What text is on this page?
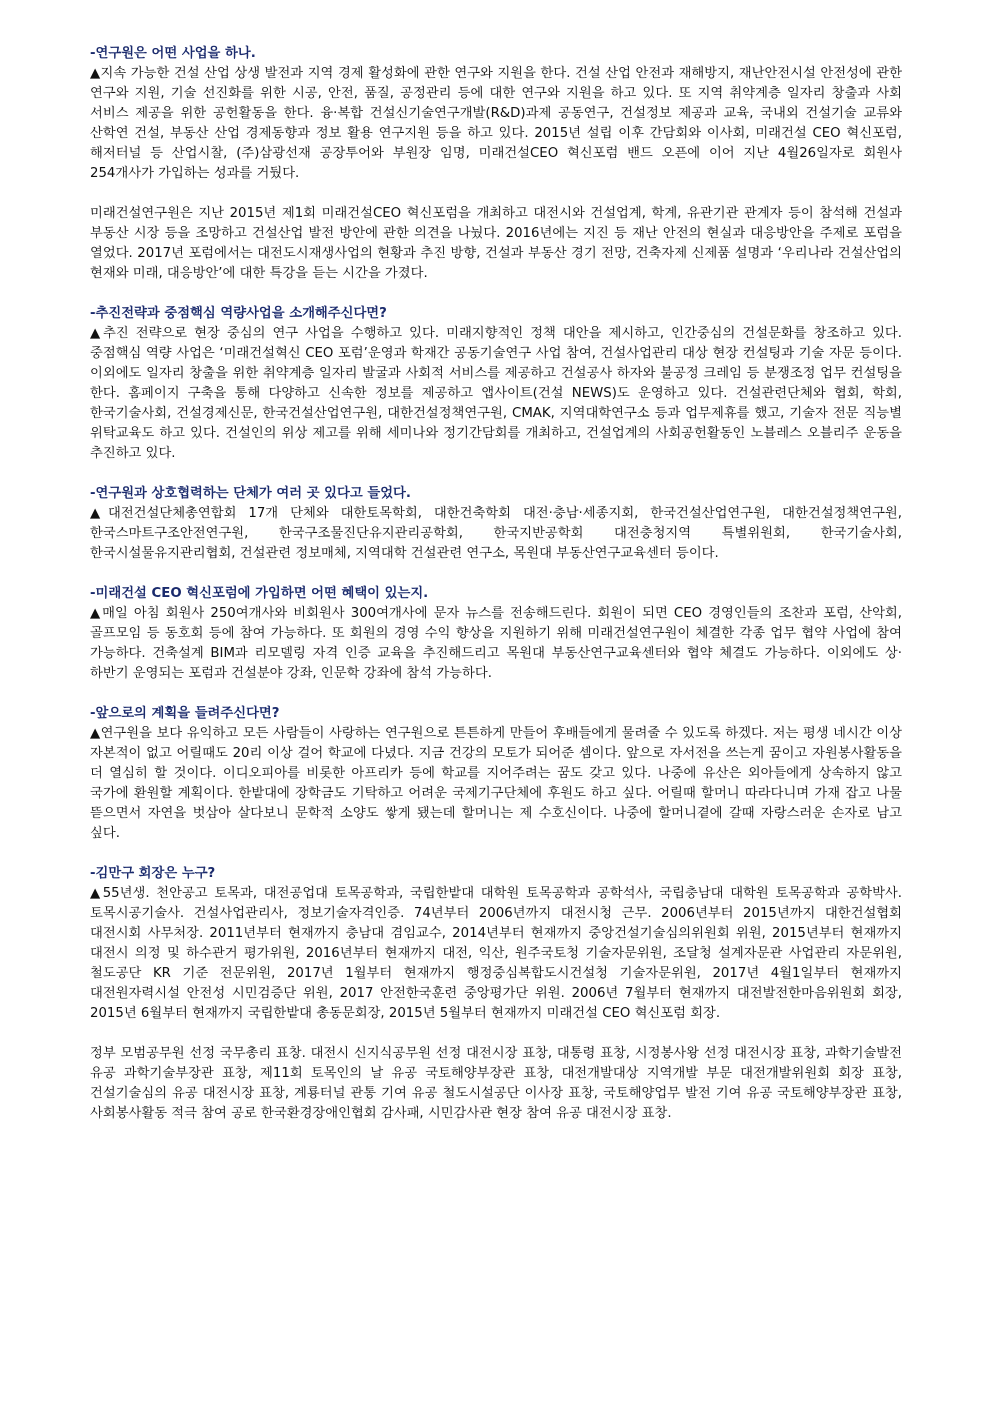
-연구원은 어떤 사업을 하나.

▲지속 가능한 건설 산업 상생 발전과 지역 경제 활성화에 관한 연구와 지원을 한다. 건설 산업 안전과 재해방지, 재난안전시설 안전성에 관한 연구와 지원, 기술 선진화를 위한 시공, 안전, 품질, 공정관리 등에 대한 연구와 지원을 하고 있다. 또 지역 취약계층 일자리 창출과 사회 서비스 제공을 위한 공헌활동을 한다. 융·복합 건설신기술연구개발(R&D)과제 공동연구, 건설정보 제공과 교육, 국내외 건설기술 교류와 산학연 건설, 부동산 산업 경제동향과 정보 활용 연구지원 등을 하고 있다. 2015년 설립 이후 간담회와 이사회, 미래건설 CEO 혁신포럼, 해저터널 등 산업시찰, (주)삼광선재 공장투어와 부원장 임명, 미래건설CEO 혁신포럼 밴드 오픈에 이어 지난 4월26일자로 회원사 254개사가 가입하는 성과를 거뒀다.

미래건설연구원은 지난 2015년 제1회 미래건설CEO 혁신포럼을 개최하고 대전시와 건설업계, 학계, 유관기관 관계자 등이 참석해 건설과 부동산 시장 등을 조망하고 건설산업 발전 방안에 관한 의견을 나눴다. 2016년에는 지진 등 재난 안전의 현실과 대응방안을 주제로 포럼을 열었다. 2017년 포럼에서는 대전도시재생사업의 현황과 추진 방향, 건설과 부동산 경기 전망, 건축자제 신제품 설명과 ‘우리나라 건설산업의 현재와 미래, 대응방안’에 대한 특강을 듣는 시간을 가졌다.

-추진전략과 중점핵심 역량사업을 소개해주신다면?

▲추진 전략으로 현장 중심의 연구 사업을 수행하고 있다. 미래지향적인 정책 대안을 제시하고, 인간중심의 건설문화를 창조하고 있다. 중점핵심 역량 사업은 ‘미래건설혁신 CEO 포럼’운영과 학재간 공동기술연구 사업 참여, 건설사업관리 대상 현장 컨설팅과 기술 자문 등이다. 이외에도 일자리 창출을 위한 취약계층 일자리 발굴과 사회적 서비스를 제공하고 건설공사 하자와 불공정 크레임 등 분쟁조정 업무 컨설팅을 한다. 홈페이지 구축을 통해 다양하고 신속한 정보를 제공하고 앱사이트(건설 NEWS)도 운영하고 있다. 건설관련단체와 협회, 학회, 한국기술사회, 건설경제신문, 한국건설산업연구원, 대한건설정책연구원, CMAK, 지역대학연구소 등과 업무제휴를 했고, 기술자 전문 직능별 위탁교육도 하고 있다. 건설인의 위상 제고를 위해 세미나와 정기간담회를 개최하고, 건설업계의 사회공헌활동인 노블레스 오블리주 운동을 추진하고 있다.

-연구원과 상호협력하는 단체가 여러 곳 있다고 들었다.

▲대전건설단체총연합회 17개 단체와 대한토목학회, 대한건축학회 대전·충남·세종지회, 한국건설산업연구원, 대한건설정책연구원, 한국스마트구조안전연구원, 한국구조물진단유지관리공학회, 한국지반공학회 대전충청지역 특별위원회, 한국기술사회, 한국시설물유지관리협회, 건설관련 정보매체, 지역대학 건설관련 연구소, 목원대 부동산연구교육센터 등이다.

-미래건설 CEO 혁신포럼에 가입하면 어떤 혜택이 있는지.

▲매일 아침 회원사 250여개사와 비회원사 300여개사에 문자 뉴스를 전송해드린다. 회원이 되면 CEO 경영인들의 조찬과 포럼, 산악회, 골프모임 등 동호회 등에 참여 가능하다. 또 회원의 경영 수익 향상을 지원하기 위해 미래건설연구원이 체결한 각종 업무 협약 사업에 참여 가능하다. 건축설계 BIM과 리모델링 자격 인증 교육을 추진해드리고 목원대 부동산연구교육센터와 협약 체결도 가능하다. 이외에도 상·하반기 운영되는 포럼과 건설분야 강좌, 인문학 강좌에 참석 가능하다.

-앞으로의 계획을 들려주신다면?

▲연구원을 보다 유익하고 모든 사람들이 사랑하는 연구원으로 튼튼하게 만들어 후배들에게 물려줄 수 있도록 하겠다. 저는 평생 네시간 이상 자본적이 없고 어릴때도 20리 이상 걸어 학교에 다녔다. 지금 건강의 모토가 되어준 셈이다. 앞으로 자서전을 쓰는게 꿈이고 자원봉사활동을 더 열심히 할 것이다. 이디오피아를 비롯한 아프리카 등에 학교를 지어주려는 꿈도 갖고 있다. 나중에 유산은 외아들에게 상속하지 않고 국가에 환원할 계획이다. 한밭대에 장학금도 기탁하고 어려운 국제기구단체에 후원도 하고 싶다. 어릴때 할머니 따라다니며 가재 잡고 나물 뜯으면서 자연을 벗삼아 살다보니 문학적 소양도 쌓게 됐는데 할머니는 제 수호신이다. 나중에 할머니곁에 갈때 자랑스러운 손자로 남고 싶다.

-김만구 회장은 누구?

▲55년생. 천안공고 토목과, 대전공업대 토목공학과, 국립한밭대 대학원 토목공학과 공학석사, 국립충남대 대학원 토목공학과 공학박사. 토목시공기술사. 건설사업관리사, 정보기술자격인증. 74년부터 2006년까지 대전시청 근무. 2006년부터 2015년까지 대한건설협회 대전시회 사무처장. 2011년부터 현재까지 충남대 겸임교수, 2014년부터 현재까지 중앙건설기술심의위원회 위원, 2015년부터 현재까지 대전시 의정 및 하수관거 평가위원, 2016년부터 현재까지 대전, 익산, 원주국토청 기술자문위원, 조달청 설계자문관 사업관리 자문위원, 철도공단 KR 기준 전문위원, 2017년 1월부터 현재까지 행정중심복합도시건설청 기술자문위원, 2017년 4월1일부터 현재까지 대전원자력시설 안전성 시민검증단 위원, 2017 안전한국훈련 중앙평가단 위원. 2006년 7월부터 현재까지 대전발전한마음위원회 회장, 2015년 6월부터 현재까지 국립한밭대 총동문회장, 2015년 5월부터 현재까지 미래건설 CEO 혁신포럼 회장.

정부 모범공무원 선정 국무총리 표창. 대전시 신지식공무원 선정 대전시장 표창, 대통령 표창, 시정봉사왕 선정 대전시장 표창, 과학기술발전 유공 과학기술부장관 표창, 제11회 토목인의 날 유공 국토해양부장관 표창, 대전개발대상 지역개발 부문 대전개발위원회 회장 표창, 건설기술심의 유공 대전시장 표창, 계룡터널 관통 기여 유공 철도시설공단 이사장 표창, 국토해양업무 발전 기여 유공 국토해양부장관 표창, 사회봉사활동 적극 참여 공로 한국환경장애인협회 감사패, 시민감사관 현장 참여 유공 대전시장 표창.
